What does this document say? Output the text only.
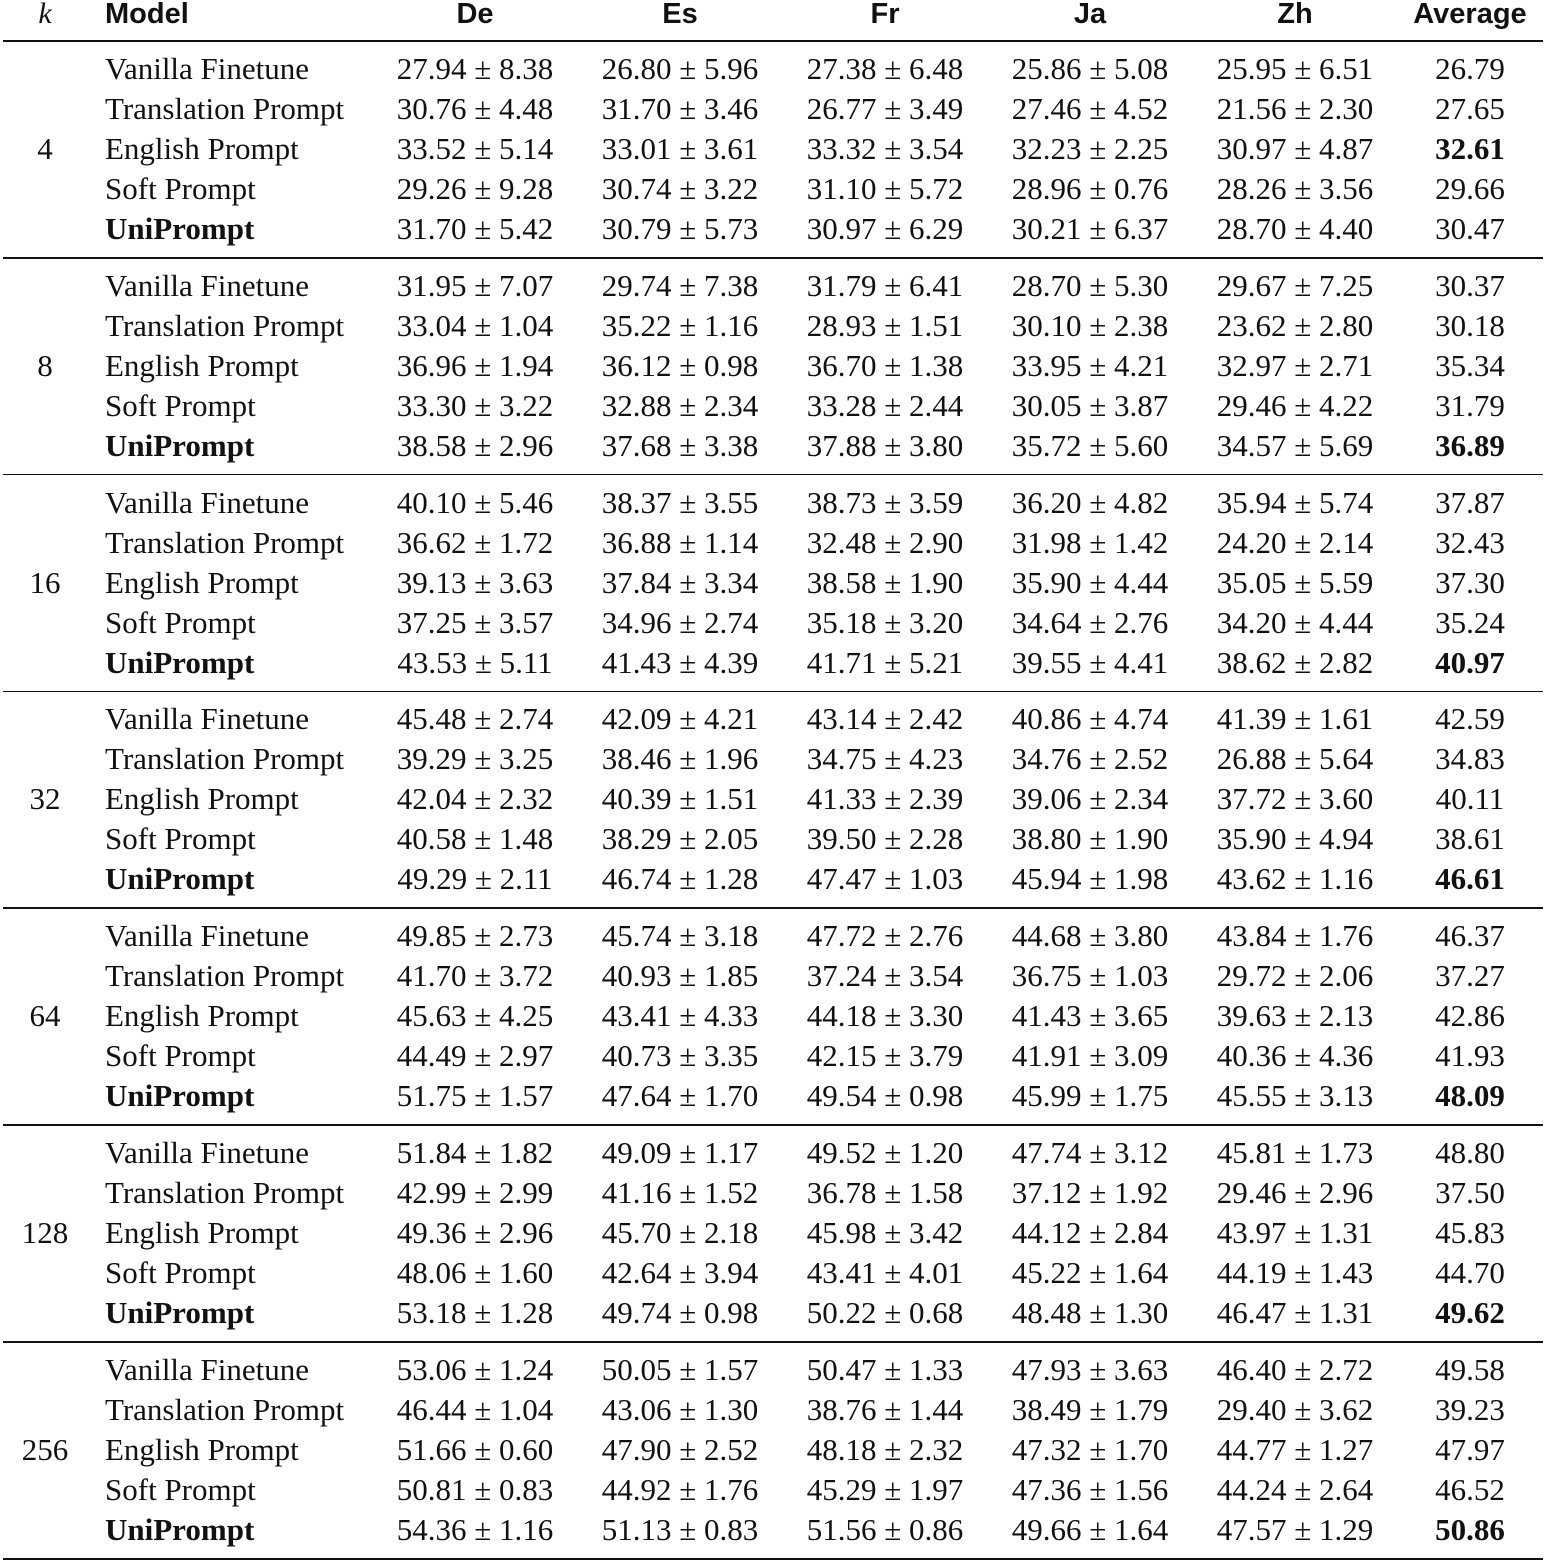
k	Model	De	Es	Fr	Ja	Zh	Average
4
Vanilla Finetune	27.94 ± 8.38	26.80 ± 5.96	27.38 ± 6.48	25.86 ± 5.08	25.95 ± 6.51	26.79
Translation Prompt	30.76 ± 4.48	31.70 ± 3.46	26.77 ± 3.49	27.46 ± 4.52	21.56 ± 2.30	27.65
English Prompt	33.52 ± 5.14	33.01 ± 3.61	33.32 ± 3.54	32.23 ± 2.25	30.97 ± 4.87	32.61
Soft Prompt	29.26 ± 9.28	30.74 ± 3.22	31.10 ± 5.72	28.96 ± 0.76	28.26 ± 3.56	29.66
UniPrompt	31.70 ± 5.42	30.79 ± 5.73	30.97 ± 6.29	30.21 ± 6.37	28.70 ± 4.40	30.47
8
Vanilla Finetune	31.95 ± 7.07	29.74 ± 7.38	31.79 ± 6.41	28.70 ± 5.30	29.67 ± 7.25	30.37
Translation Prompt	33.04 ± 1.04	35.22 ± 1.16	28.93 ± 1.51	30.10 ± 2.38	23.62 ± 2.80	30.18
English Prompt	36.96 ± 1.94	36.12 ± 0.98	36.70 ± 1.38	33.95 ± 4.21	32.97 ± 2.71	35.34
Soft Prompt	33.30 ± 3.22	32.88 ± 2.34	33.28 ± 2.44	30.05 ± 3.87	29.46 ± 4.22	31.79
UniPrompt	38.58 ± 2.96	37.68 ± 3.38	37.88 ± 3.80	35.72 ± 5.60	34.57 ± 5.69	36.89
16
Vanilla Finetune	40.10 ± 5.46	38.37 ± 3.55	38.73 ± 3.59	36.20 ± 4.82	35.94 ± 5.74	37.87
Translation Prompt	36.62 ± 1.72	36.88 ± 1.14	32.48 ± 2.90	31.98 ± 1.42	24.20 ± 2.14	32.43
English Prompt	39.13 ± 3.63	37.84 ± 3.34	38.58 ± 1.90	35.90 ± 4.44	35.05 ± 5.59	37.30
Soft Prompt	37.25 ± 3.57	34.96 ± 2.74	35.18 ± 3.20	34.64 ± 2.76	34.20 ± 4.44	35.24
UniPrompt	43.53 ± 5.11	41.43 ± 4.39	41.71 ± 5.21	39.55 ± 4.41	38.62 ± 2.82	40.97
32
Vanilla Finetune	45.48 ± 2.74	42.09 ± 4.21	43.14 ± 2.42	40.86 ± 4.74	41.39 ± 1.61	42.59
Translation Prompt	39.29 ± 3.25	38.46 ± 1.96	34.75 ± 4.23	34.76 ± 2.52	26.88 ± 5.64	34.83
English Prompt	42.04 ± 2.32	40.39 ± 1.51	41.33 ± 2.39	39.06 ± 2.34	37.72 ± 3.60	40.11
Soft Prompt	40.58 ± 1.48	38.29 ± 2.05	39.50 ± 2.28	38.80 ± 1.90	35.90 ± 4.94	38.61
UniPrompt	49.29 ± 2.11	46.74 ± 1.28	47.47 ± 1.03	45.94 ± 1.98	43.62 ± 1.16	46.61
64
Vanilla Finetune	49.85 ± 2.73	45.74 ± 3.18	47.72 ± 2.76	44.68 ± 3.80	43.84 ± 1.76	46.37
Translation Prompt	41.70 ± 3.72	40.93 ± 1.85	37.24 ± 3.54	36.75 ± 1.03	29.72 ± 2.06	37.27
English Prompt	45.63 ± 4.25	43.41 ± 4.33	44.18 ± 3.30	41.43 ± 3.65	39.63 ± 2.13	42.86
Soft Prompt	44.49 ± 2.97	40.73 ± 3.35	42.15 ± 3.79	41.91 ± 3.09	40.36 ± 4.36	41.93
UniPrompt	51.75 ± 1.57	47.64 ± 1.70	49.54 ± 0.98	45.99 ± 1.75	45.55 ± 3.13	48.09
128
Vanilla Finetune	51.84 ± 1.82	49.09 ± 1.17	49.52 ± 1.20	47.74 ± 3.12	45.81 ± 1.73	48.80
Translation Prompt	42.99 ± 2.99	41.16 ± 1.52	36.78 ± 1.58	37.12 ± 1.92	29.46 ± 2.96	37.50
English Prompt	49.36 ± 2.96	45.70 ± 2.18	45.98 ± 3.42	44.12 ± 2.84	43.97 ± 1.31	45.83
Soft Prompt	48.06 ± 1.60	42.64 ± 3.94	43.41 ± 4.01	45.22 ± 1.64	44.19 ± 1.43	44.70
UniPrompt	53.18 ± 1.28	49.74 ± 0.98	50.22 ± 0.68	48.48 ± 1.30	46.47 ± 1.31	49.62
256
Vanilla Finetune	53.06 ± 1.24	50.05 ± 1.57	50.47 ± 1.33	47.93 ± 3.63	46.40 ± 2.72	49.58
Translation Prompt	46.44 ± 1.04	43.06 ± 1.30	38.76 ± 1.44	38.49 ± 1.79	29.40 ± 3.62	39.23
English Prompt	51.66 ± 0.60	47.90 ± 2.52	48.18 ± 2.32	47.32 ± 1.70	44.77 ± 1.27	47.97
Soft Prompt	50.81 ± 0.83	44.92 ± 1.76	45.29 ± 1.97	47.36 ± 1.56	44.24 ± 2.64	46.52
UniPrompt	54.36 ± 1.16	51.13 ± 0.83	51.56 ± 0.86	49.66 ± 1.64	47.57 ± 1.29	50.86
